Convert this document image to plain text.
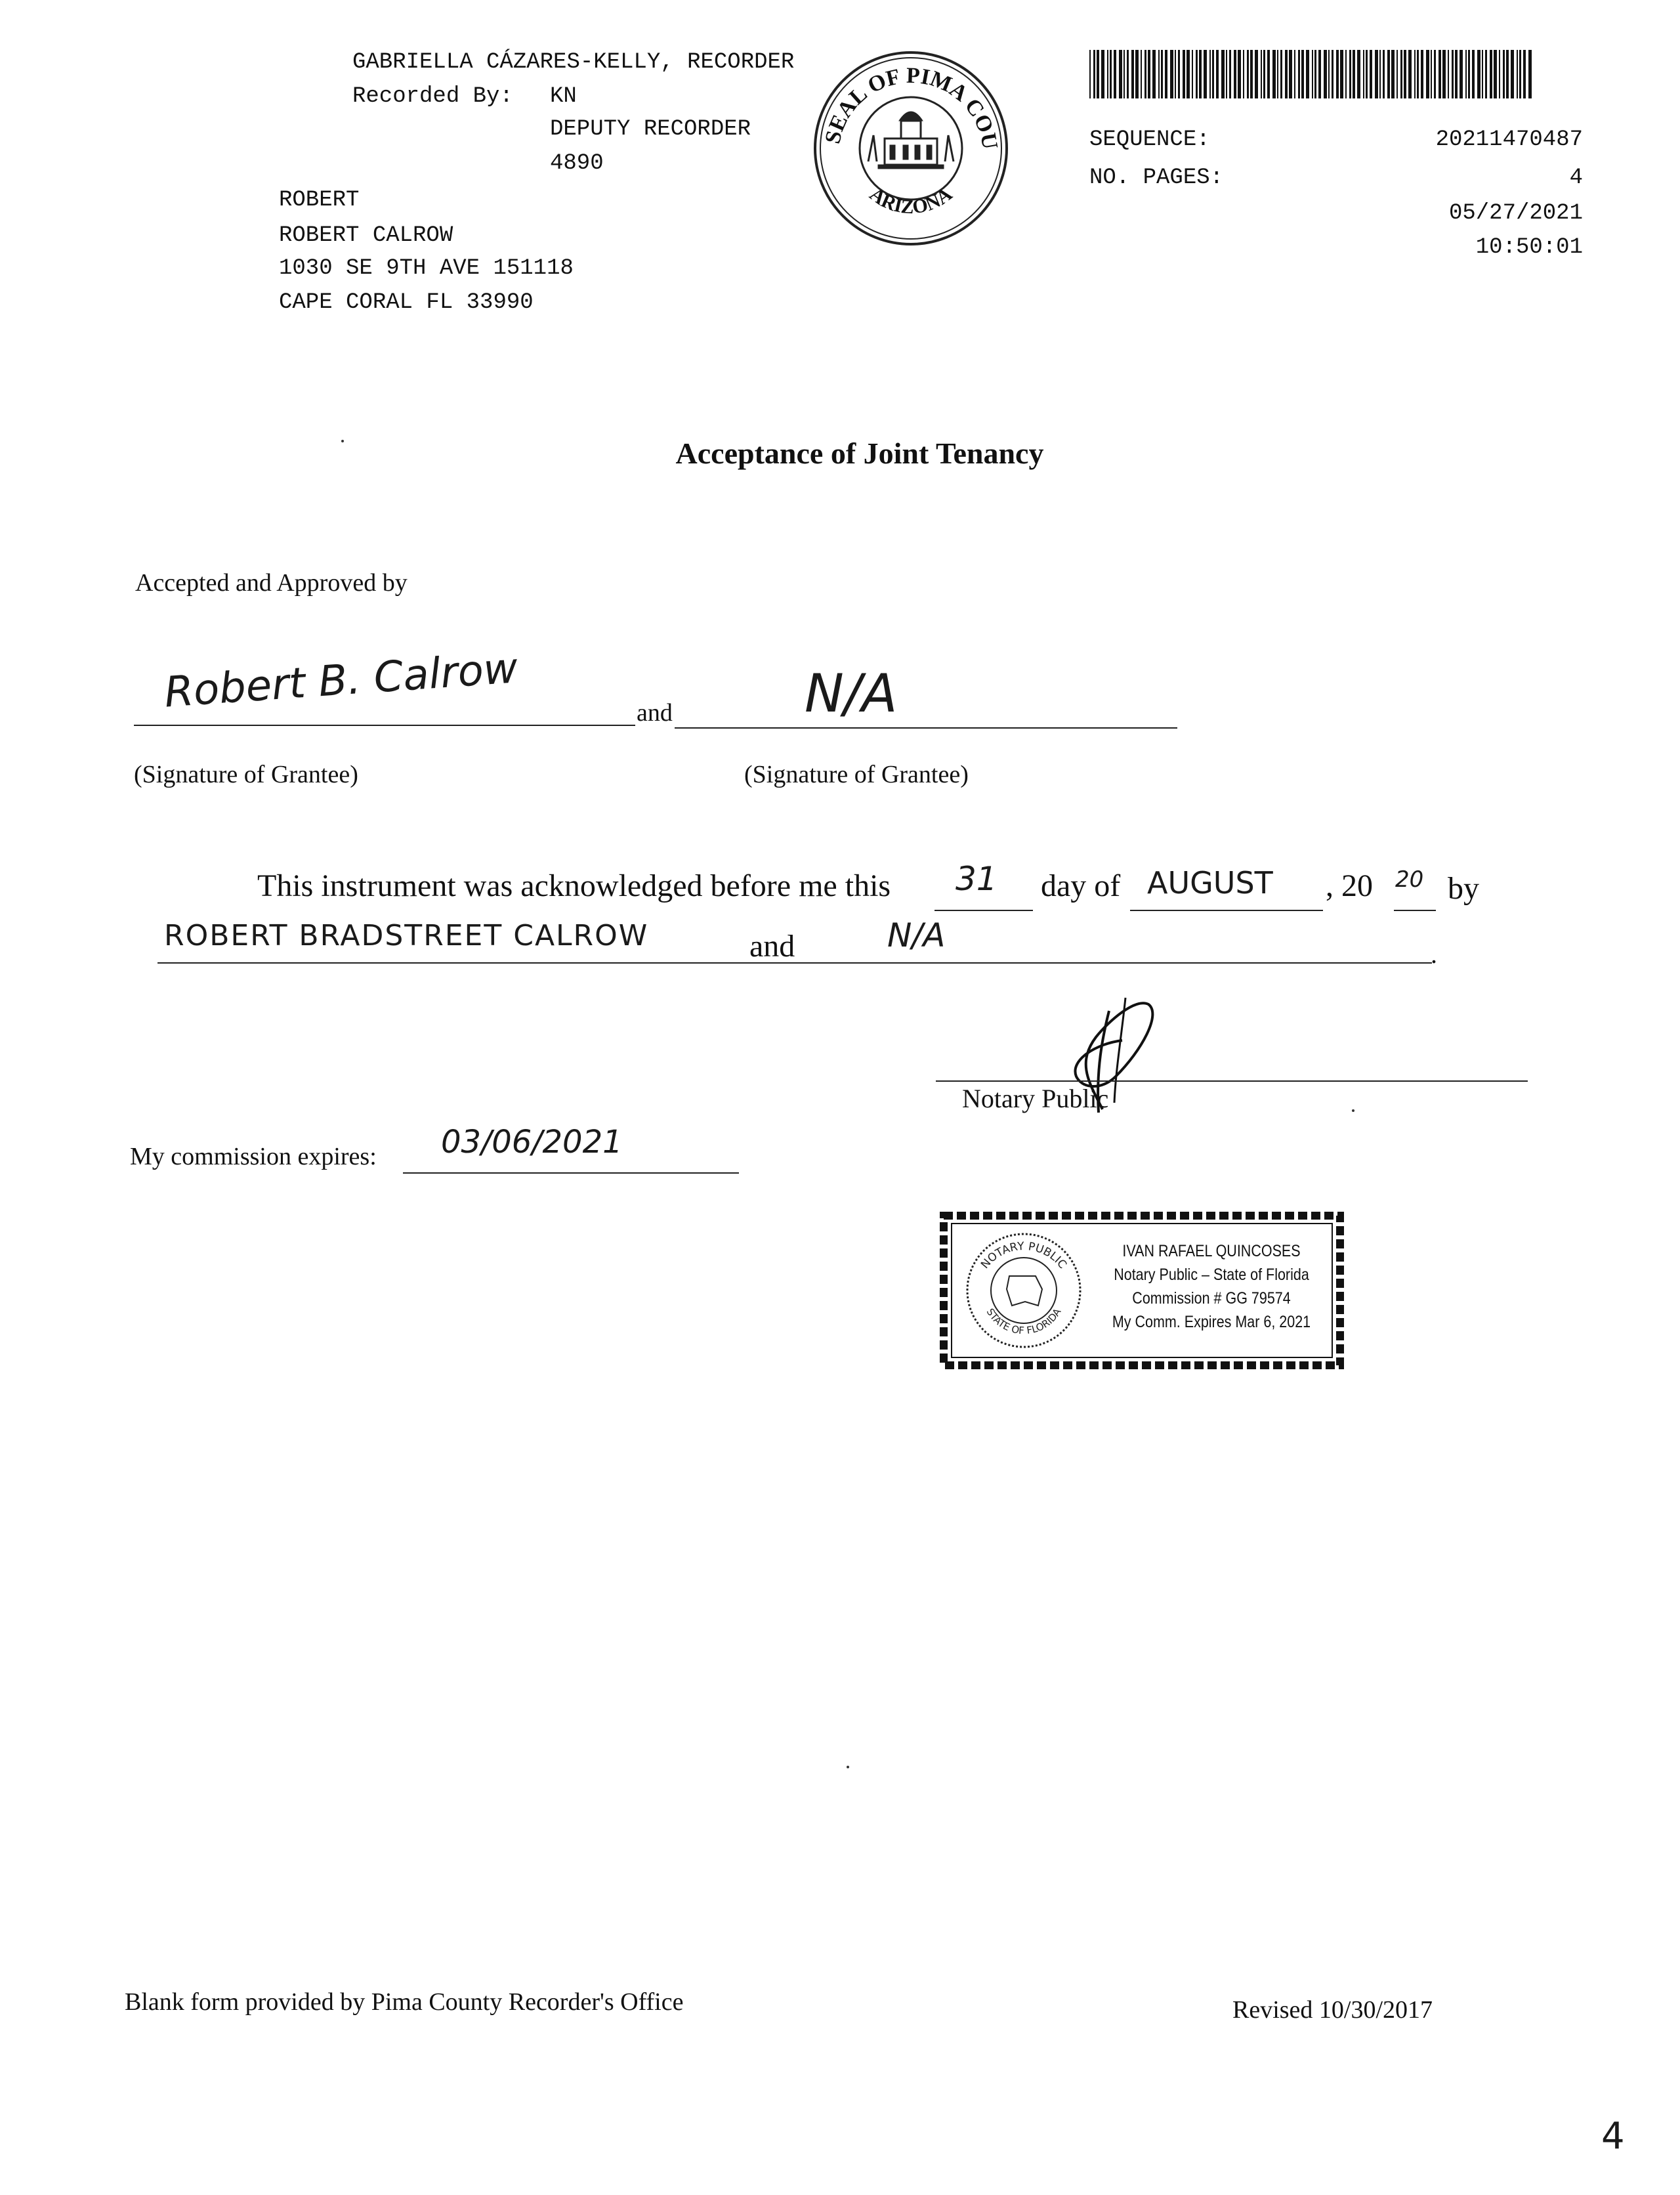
GABRIELLA CÁZARES-KELLY, RECORDER
Recorded By: KN
DEPUTY RECORDER
4890
ROBERT
ROBERT CALROW
1030 SE 9TH AVE 151118
CAPE CORAL FL 33990
THE SEAL OF PIMA COUNTY
ARIZONA
SEQUENCE:	20211470487
NO. PAGES:	4
05/27/2021
10:50:01
Acceptance of Joint Tenancy
Accepted and Approved by
Robert B. Calrow	and	N/A
(Signature of Grantee)	(Signature of Grantee)
This instrument was acknowledged before me this 31 day of AUGUST , 20 20 by
ROBERT BRADSTREET CALROW	and	N/A	.
Notary Public
My commission expires: 03/06/2021
NOTARY PUBLIC
STATE OF FLORIDA
IVAN RAFAEL QUINCOSES
Notary Public – State of Florida
Commission # GG 79574
My Comm. Expires Mar 6, 2021
Blank form provided by Pima County Recorder's Office	Revised 10/30/2017
4
